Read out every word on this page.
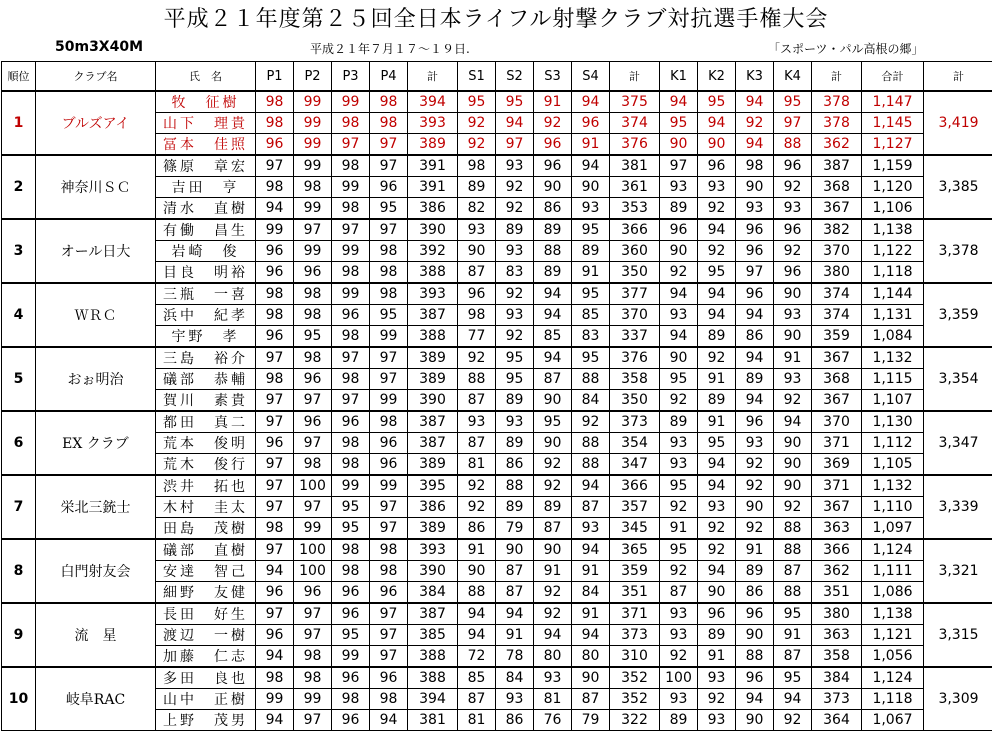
平成２１年度第２５回全日本ライフル射撃クラブ対抗選手権大会
50m3X40M	平成２１年７月１７～１９日.	「スポーツ・パル高根の郷」
順位	クラブ名	氏　名	P1	P2	P3	P4	計	S1	S2	S3	S4	計	K1	K2	K3	K4	計	合計	計
1	ブルズアイ	牧　征樹	98	99	99	98	394	95	95	91	94	375	94	95	94	95	378	1,147	3,419
		山下　理貴	98	99	98	98	393	92	94	92	96	374	95	94	92	97	378	1,145	
		冨本　佳照	96	99	97	97	389	92	97	96	91	376	90	90	94	88	362	1,127	
2	神奈川ＳＣ	篠原　章宏	97	99	98	97	391	98	93	96	94	381	97	96	98	96	387	1,159	3,385
		吉田　亨	98	98	99	96	391	89	92	90	90	361	93	93	90	92	368	1,120	
		清水　直樹	94	99	98	95	386	82	92	86	93	353	89	92	93	93	367	1,106	
3	オール日大	有働　昌生	99	97	97	97	390	93	89	89	95	366	96	94	96	96	382	1,138	3,378
		岩崎　俊	96	99	99	98	392	90	93	88	89	360	90	92	96	92	370	1,122	
		目良　明裕	96	96	98	98	388	87	83	89	91	350	92	95	97	96	380	1,118	
4	ＷＲＣ	三瓶　一喜	98	98	99	98	393	96	92	94	95	377	94	94	96	90	374	1,144	3,359
		浜中　紀孝	98	98	96	95	387	98	93	94	85	370	93	94	94	93	374	1,131	
		宇野　孝	96	95	98	99	388	77	92	85	83	337	94	89	86	90	359	1,084	
5	おぉ明治	三島　裕介	97	98	97	97	389	92	95	94	95	376	90	92	94	91	367	1,132	3,354
		礒部　恭輔	98	96	98	97	389	88	95	87	88	358	95	91	89	93	368	1,115	
		賀川　素貴	97	97	97	99	390	87	89	90	84	350	92	89	94	92	367	1,107	
6	EX クラブ	都田　真二	97	96	96	98	387	93	93	95	92	373	89	91	96	94	370	1,130	3,347
		荒本　俊明	96	97	98	96	387	87	89	90	88	354	93	95	93	90	371	1,112	
		荒木　俊行	97	98	98	96	389	81	86	92	88	347	93	94	92	90	369	1,105	
7	栄北三銃士	渋井　拓也	97	100	99	99	395	92	88	92	94	366	95	94	92	90	371	1,132	3,339
		木村　圭太	97	97	95	97	386	92	89	89	87	357	92	93	90	92	367	1,110	
		田島　茂樹	98	99	95	97	389	86	79	87	93	345	91	92	92	88	363	1,097	
8	白門射友会	礒部　直樹	97	100	98	98	393	91	90	90	94	365	95	92	91	88	366	1,124	3,321
		安達　智己	94	100	98	98	390	90	87	91	91	359	92	94	89	87	362	1,111	
		細野　友健	96	96	96	96	384	88	87	92	84	351	87	90	86	88	351	1,086	
9	流　星	長田　好生	97	97	96	97	387	94	94	92	91	371	93	96	96	95	380	1,138	3,315
		渡辺　一樹	96	97	95	97	385	94	91	94	94	373	93	89	90	91	363	1,121	
		加藤　仁志	94	98	99	97	388	72	78	80	80	310	92	91	88	87	358	1,056	
10	岐阜RAC	多田　良也	98	98	96	96	388	85	84	93	90	352	100	93	96	95	384	1,124	3,309
		山中　正樹	99	99	98	98	394	87	93	81	87	352	93	92	94	94	373	1,118	
		上野　茂男	94	97	96	94	381	81	86	76	79	322	89	93	90	92	364	1,067	
